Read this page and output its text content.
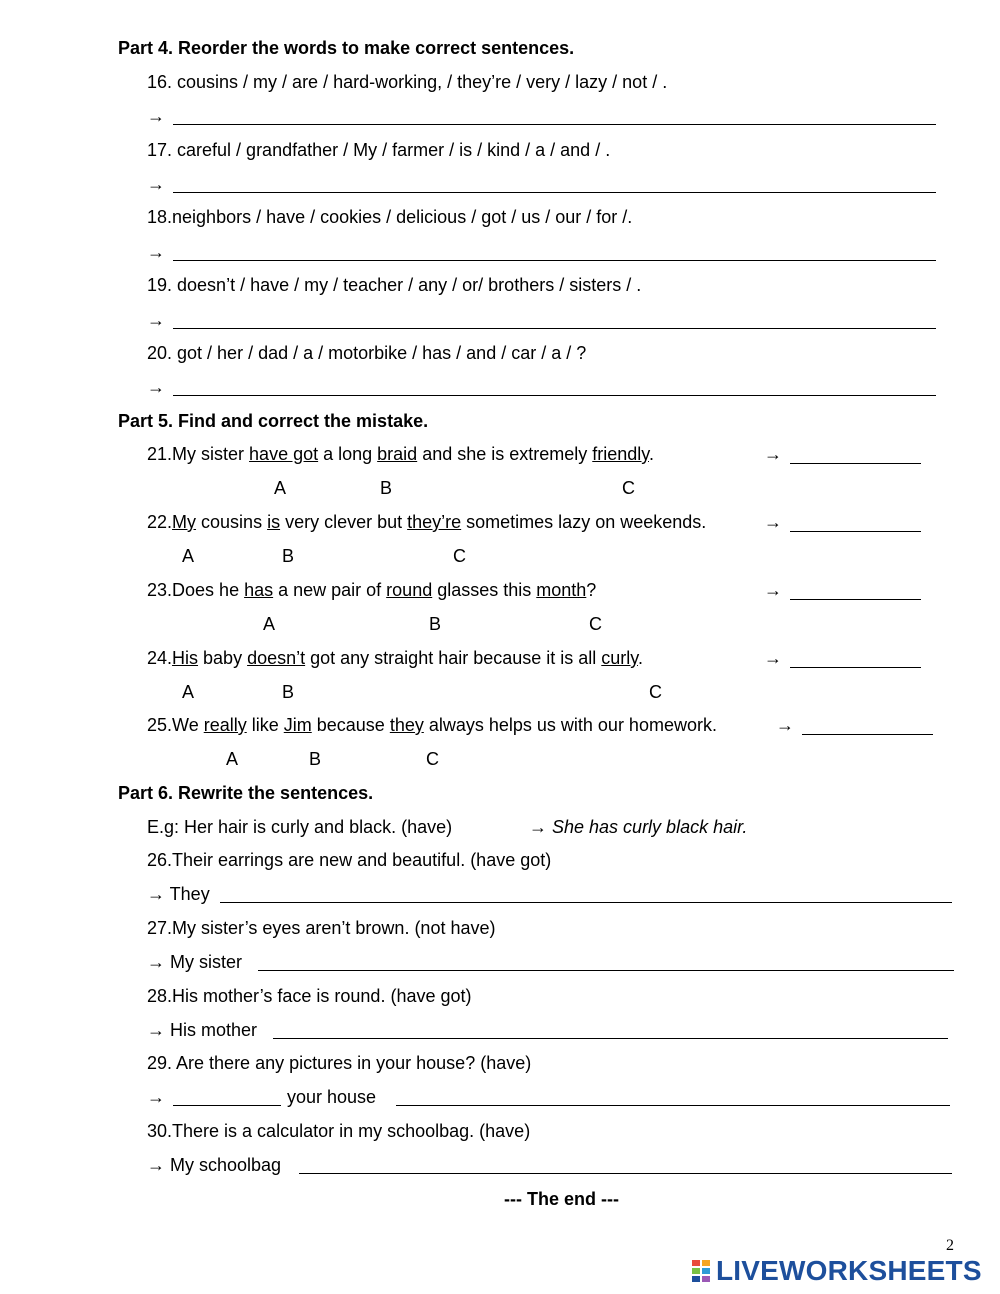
Part 4. Reorder the words to make correct sentences.
16. cousins / my / are / hard-working, / they’re / very / lazy / not / .
→
17. careful / grandfather / My / farmer / is / kind / a / and / .
→
18.neighbors / have / cookies / delicious / got / us / our / for /.
→
19. doesn’t / have / my / teacher / any / or/ brothers / sisters / .
→
20. got / her / dad / a / motorbike / has / and / car / a / ?
→
Part 5. Find and correct the mistake.
21.My sister have got a long braid and she is extremely friendly.	→
A	B	C
22.My cousins is very clever but they’re sometimes lazy on weekends.	→
A	B	C
23.Does he has a new pair of round glasses this month?	→
A	B	C
24.His baby doesn’t got any straight hair because it is all curly.	→
A	B	C
25.We really like Jim because they always helps us with our homework.	→
A	B	C
Part 6. Rewrite the sentences.
E.g: Her hair is curly and black. (have)	→ She has curly black hair.
26.Their earrings are new and beautiful. (have got)
→ They
27.My sister’s eyes aren’t brown. (not have)
→ My sister
28.His mother’s face is round. (have got)
→ His mother
29. Are there any pictures in your house? (have)
→	your house
30.There is a calculator in my schoolbag. (have)
→ My schoolbag
--- The end ---
2
LIVEWORKSHEETS
